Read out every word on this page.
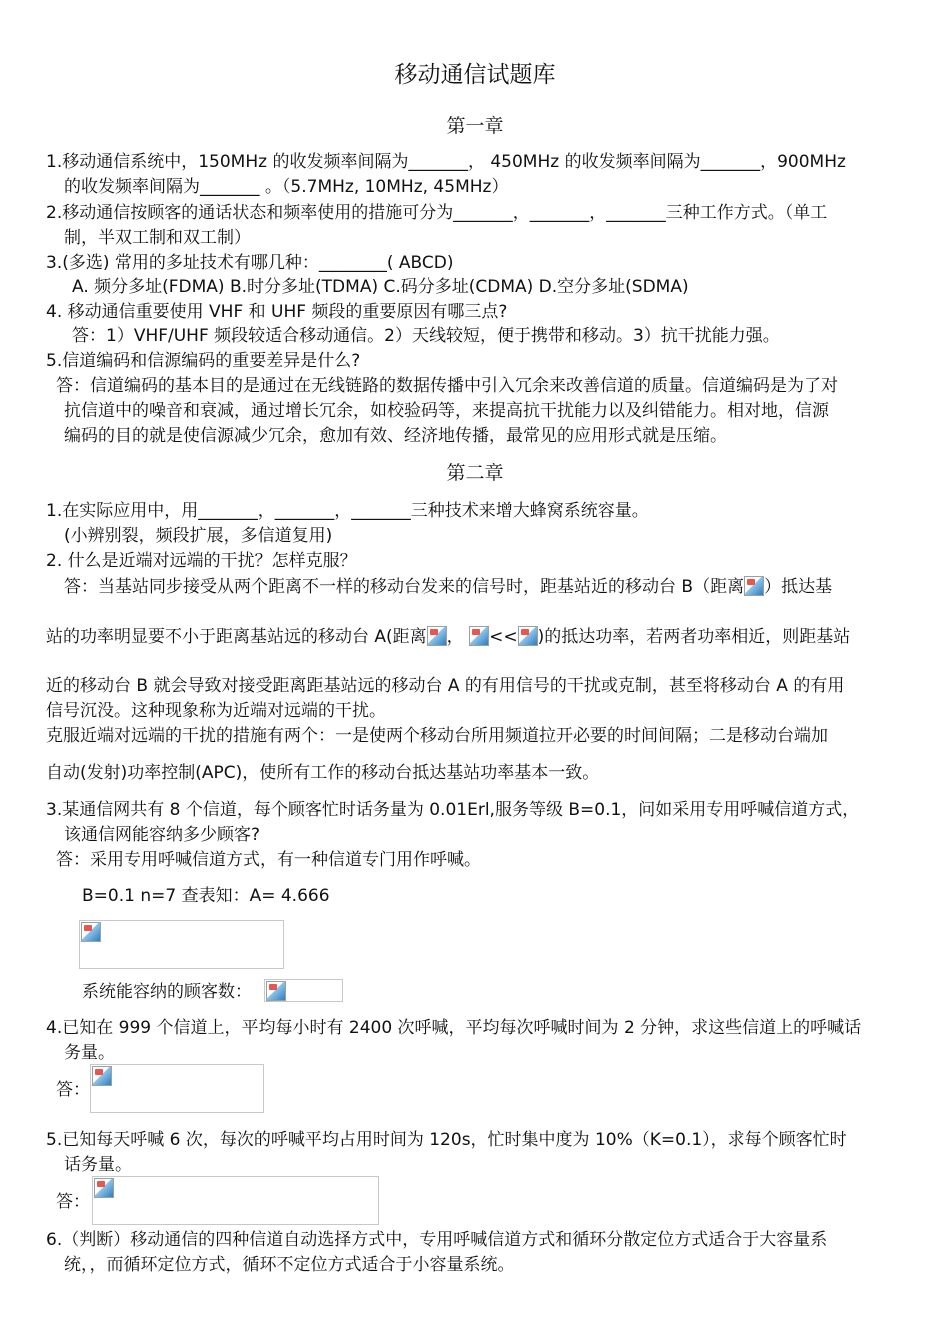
移动通信试题库
第一章
1.移动通信系统中，150MHz 的收发频率间隔为_______， 450MHz 的收发频率间隔为_______，900MHz
的收发频率间隔为_______ 。（5.7MHz, 10MHz, 45MHz）
2.移动通信按顾客的通话状态和频率使用的措施可分为_______，_______，_______三种工作方式。（单工
制，半双工制和双工制）
3.(多选) 常用的多址技术有哪几种：________( ABCD)
A. 频分多址(FDMA) B.时分多址(TDMA) C.码分多址(CDMA) D.空分多址(SDMA)
4. 移动通信重要使用 VHF 和 UHF 频段的重要原因有哪三点?
答：1）VHF/UHF 频段较适合移动通信。2）天线较短，便于携带和移动。3）抗干扰能力强。
5.信道编码和信源编码的重要差异是什么?
答：信道编码的基本目的是通过在无线链路的数据传播中引入冗余来改善信道的质量。信道编码是为了对
抗信道中的噪音和衰减，通过增长冗余，如校验码等，来提高抗干扰能力以及纠错能力。相对地，信源
编码的目的就是使信源减少冗余，愈加有效、经济地传播，最常见的应用形式就是压缩。
第二章
1.在实际应用中，用_______，_______，_______三种技术来增大蜂窝系统容量。
(小辨别裂，频段扩展，多信道复用)
2. 什么是近端对远端的干扰？怎样克服？
答：当基站同步接受从两个距离不一样的移动台发来的信号时，距基站近的移动台 B（距离 ）抵达基
站的功率明显要不小于距离基站远的移动台 A(距离 ， << )的抵达功率，若两者功率相近，则距基站
近的移动台 B 就会导致对接受距离距基站远的移动台 A 的有用信号的干扰或克制，甚至将移动台 A 的有用
信号沉没。这种现象称为近端对远端的干扰。
克服近端对远端的干扰的措施有两个：一是使两个移动台所用频道拉开必要的时间间隔；二是移动台端加
自动(发射)功率控制(APC)，使所有工作的移动台抵达基站功率基本一致。
3.某通信网共有 8 个信道，每个顾客忙时话务量为 0.01Erl,服务等级 B=0.1，问如采用专用呼喊信道方式，
该通信网能容纳多少顾客?
答：采用专用呼喊信道方式，有一种信道专门用作呼喊。
B=0.1 n=7 查表知：A= 4.666
系统能容纳的顾客数：
4.已知在 999 个信道上，平均每小时有 2400 次呼喊，平均每次呼喊时间为 2 分钟，求这些信道上的呼喊话
务量。
答：
5.已知每天呼喊 6 次，每次的呼喊平均占用时间为 120s，忙时集中度为 10%（K=0.1），求每个顾客忙时
话务量。
答：
6.（判断）移动通信的四种信道自动选择方式中，专用呼喊信道方式和循环分散定位方式适合于大容量系
统，，而循环定位方式，循环不定位方式适合于小容量系统。
